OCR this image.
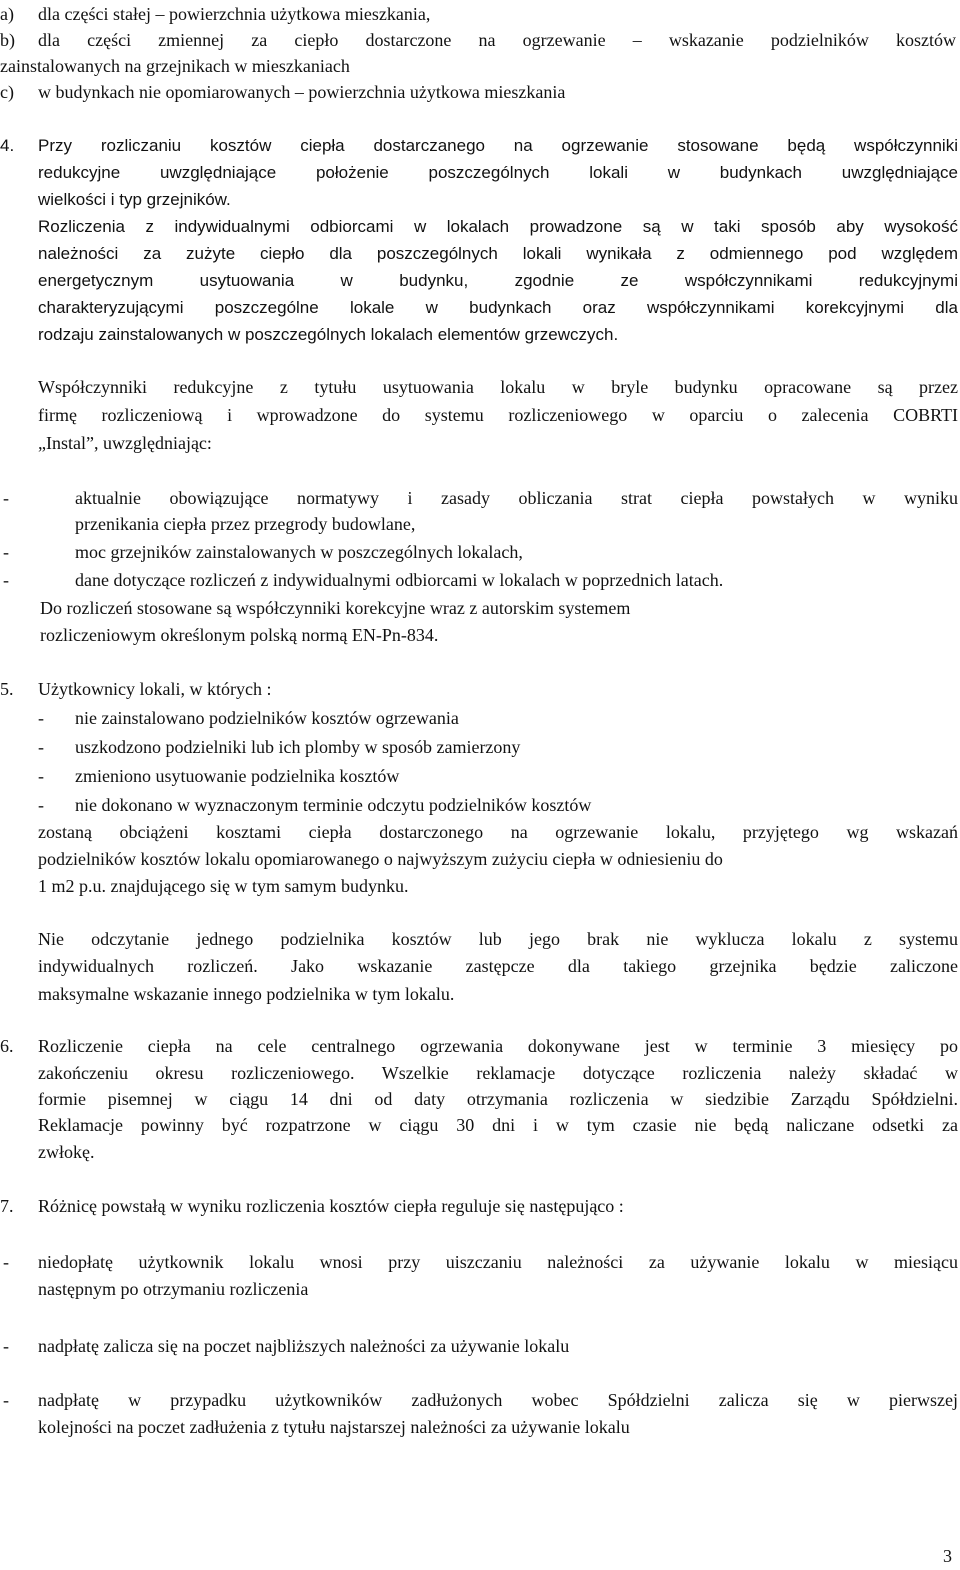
a) dla części stałej – powierzchnia użytkowa mieszkania,
b) dla części zmiennej za ciepło dostarczone na ogrzewanie – wskazanie podzielników kosztów
zainstalowanych na grzejnikach w mieszkaniach
c) w budynkach nie opomiarowanych – powierzchnia użytkowa mieszkania
4. Przy rozliczaniu kosztów ciepła dostarczanego na ogrzewanie stosowane będą współczynniki
redukcyjne uwzględniające położenie poszczególnych lokali w budynkach uwzględniające
wielkości i typ grzejników.
Rozliczenia z indywidualnymi odbiorcami w lokalach prowadzone są w taki sposób aby wysokość
należności za zużyte ciepło dla poszczególnych lokali wynikała z odmiennego pod względem
energetycznym usytuowania w budynku, zgodnie ze współczynnikami redukcyjnymi
charakteryzującymi poszczególne lokale w budynkach oraz współczynnikami korekcyjnymi dla
rodzaju zainstalowanych w poszczególnych lokalach elementów grzewczych.
Współczynniki redukcyjne z tytułu usytuowania lokalu w bryle budynku opracowane są przez
firmę rozliczeniową i wprowadzone do systemu rozliczeniowego w oparciu o zalecenia COBRTI
„Instal”, uwzględniając:
-	aktualnie obowiązujące normatywy i zasady obliczania strat ciepła powstałych w wyniku
przenikania ciepła przez przegrody budowlane,
-	moc grzejników zainstalowanych w poszczególnych lokalach,
-	dane dotyczące rozliczeń z indywidualnymi odbiorcami w lokalach w poprzednich latach.
Do rozliczeń stosowane są współczynniki korekcyjne wraz z autorskim systemem
rozliczeniowym określonym polską normą EN-Pn-834.
5. Użytkownicy lokali, w których :
- nie zainstalowano podzielników kosztów ogrzewania
- uszkodzono podzielniki lub ich plomby w sposób zamierzony
- zmieniono usytuowanie podzielnika kosztów
- nie dokonano w wyznaczonym terminie odczytu podzielników kosztów
zostaną obciążeni kosztami ciepła dostarczonego na ogrzewanie lokalu, przyjętego wg wskazań
podzielników kosztów lokalu opomiarowanego o najwyższym zużyciu ciepła w odniesieniu do
1 m2 p.u. znajdującego się w tym samym budynku.
Nie odczytanie jednego podzielnika kosztów lub jego brak nie wyklucza lokalu z systemu
indywidualnych rozliczeń. Jako wskazanie zastępcze dla takiego grzejnika będzie zaliczone
maksymalne wskazanie innego podzielnika w tym lokalu.
6. Rozliczenie ciepła na cele centralnego ogrzewania dokonywane jest w terminie 3 miesięcy po
zakończeniu okresu rozliczeniowego. Wszelkie reklamacje dotyczące rozliczenia należy składać w
formie pisemnej w ciągu 14 dni od daty otrzymania rozliczenia w siedzibie Zarządu Spółdzielni.
Reklamacje powinny być rozpatrzone w ciągu 30 dni i w tym czasie nie będą naliczane odsetki za
zwłokę.
7. Różnicę powstałą w wyniku rozliczenia kosztów ciepła reguluje się następująco :
- niedopłatę użytkownik lokalu wnosi przy uiszczaniu należności za używanie lokalu w miesiącu
następnym po otrzymaniu rozliczenia
- nadpłatę zalicza się na poczet najbliższych należności za używanie lokalu
- nadpłatę w przypadku użytkowników zadłużonych wobec Spółdzielni zalicza się w pierwszej
kolejności na poczet zadłużenia z tytułu najstarszej należności za używanie lokalu
3
